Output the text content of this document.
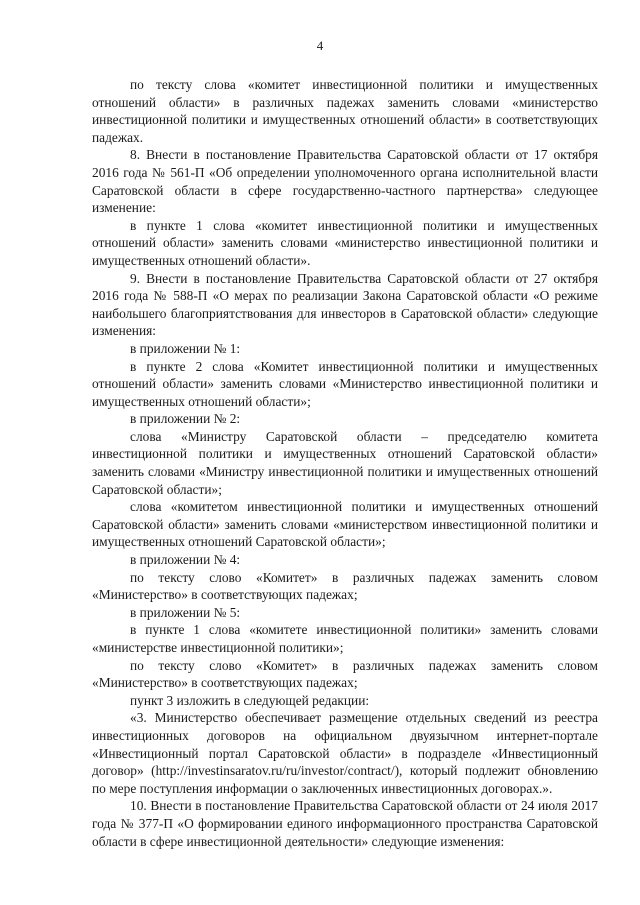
4

по тексту слова «комитет инвестиционной политики и имущественных отношений области» в различных падежах заменить словами «министерство инвестиционной политики и имущественных отношений области» в соответствующих падежах.

8. Внести в постановление Правительства Саратовской области от 17 октября 2016 года № 561-П «Об определении уполномоченного органа исполнительной власти Саратовской области в сфере государственно-частного партнерства» следующее изменение:

в пункте 1 слова «комитет инвестиционной политики и имущественных отношений области» заменить словами «министерство инвестиционной политики и имущественных отношений области».

9. Внести в постановление Правительства Саратовской области от 27 октября 2016 года № 588-П «О мерах по реализации Закона Саратовской области «О режиме наибольшего благоприятствования для инвесторов в Саратовской области» следующие изменения:

в приложении № 1:

в пункте 2 слова «Комитет инвестиционной политики и имущественных отношений области» заменить словами «Министерство инвестиционной политики и имущественных отношений области»;

в приложении № 2:

слова «Министру Саратовской области – председателю комитета инвестиционной политики и имущественных отношений Саратовской области» заменить словами «Министру инвестиционной политики и имущественных отношений Саратовской области»;

слова «комитетом инвестиционной политики и имущественных отношений Саратовской области» заменить словами «министерством инвестиционной политики и имущественных отношений Саратовской области»;

в приложении № 4:

по тексту слово «Комитет» в различных падежах заменить словом «Министерство» в соответствующих падежах;

в приложении № 5:

в пункте 1 слова «комитете инвестиционной политики» заменить словами «министерстве инвестиционной политики»;

по тексту слово «Комитет» в различных падежах заменить словом «Министерство» в соответствующих падежах;

пункт 3 изложить в следующей редакции:

«3. Министерство обеспечивает размещение отдельных сведений из реестра инвестиционных договоров на официальном двуязычном интернет-портале «Инвестиционный портал Саратовской области» в подразделе «Инвестиционный договор» (http://investinsaratov.ru/ru/investor/contract/), который подлежит обновлению по мере поступления информации о заключенных инвестиционных договорах.».

10. Внести в постановление Правительства Саратовской области от 24 июля 2017 года № 377-П «О формировании единого информационного пространства Саратовской области в сфере инвестиционной деятельности» следующие изменения:
